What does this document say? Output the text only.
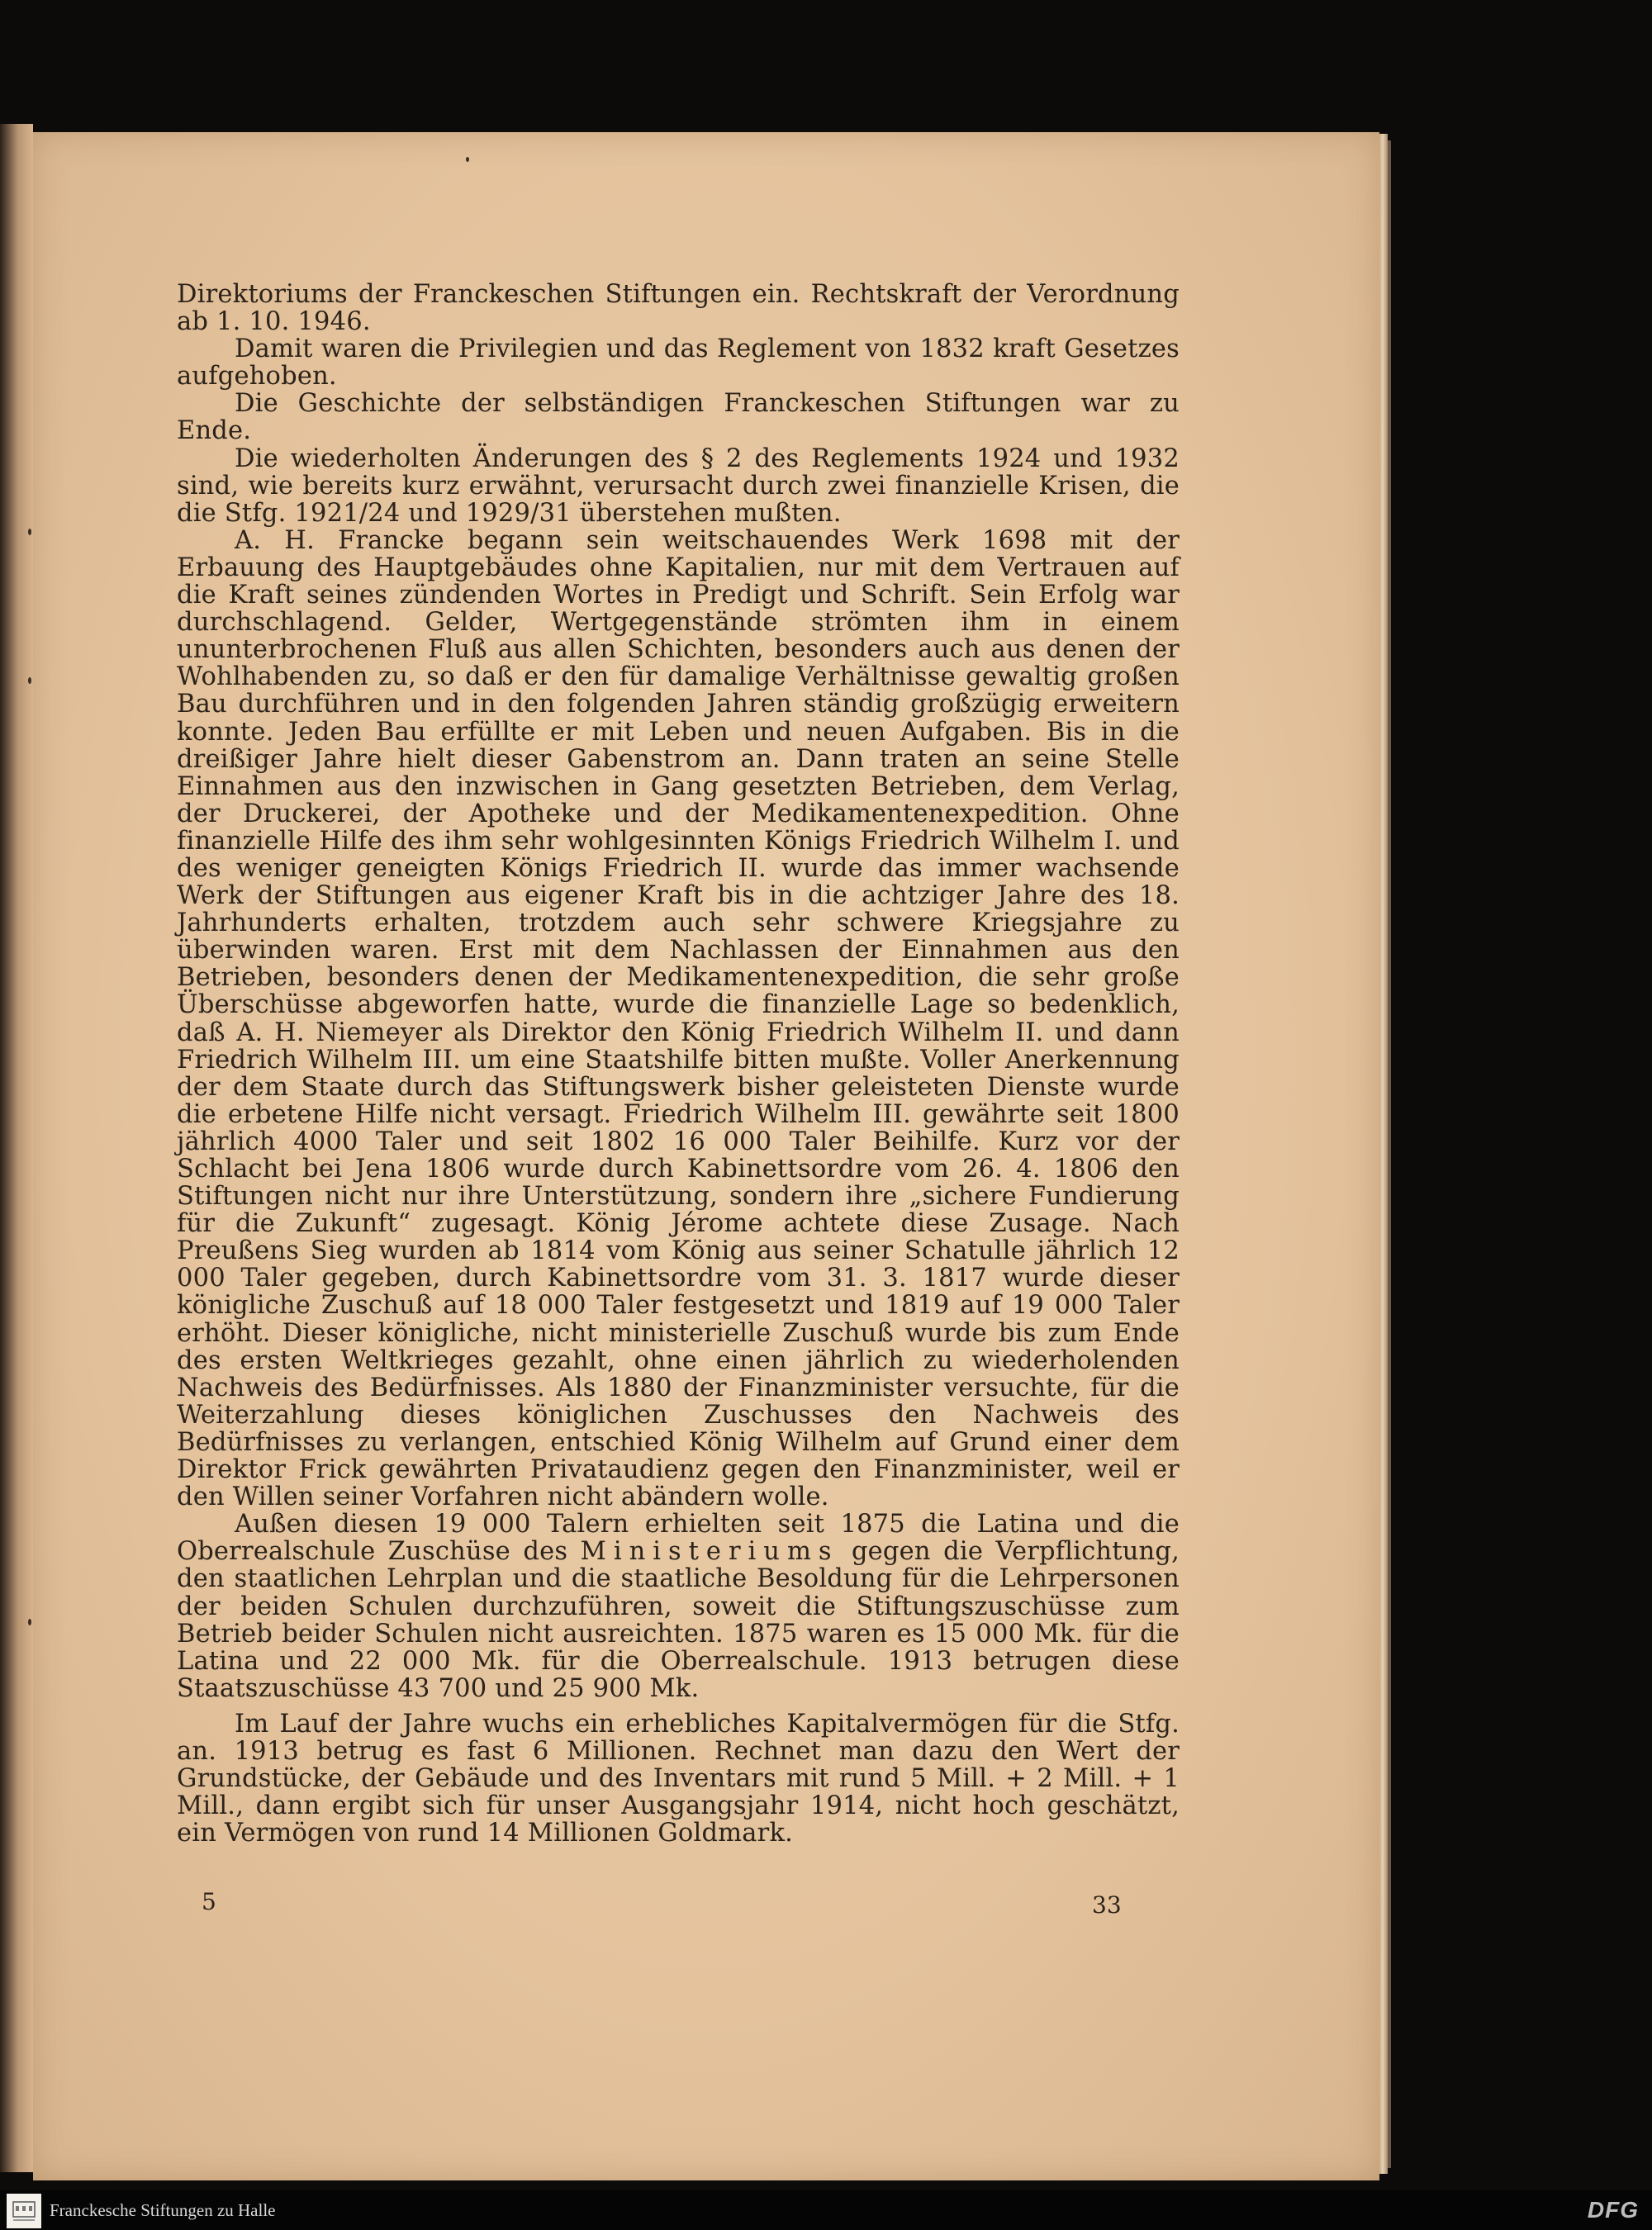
Direktoriums der Franckeschen Stiftungen ein. Rechtskraft der Verordnung ab 1. 10. 1946.

Damit waren die Privilegien und das Reglement von 1832 kraft Gesetzes aufgehoben.

Die Geschichte der selbständigen Franckeschen Stiftungen war zu Ende.

Die wiederholten Änderungen des § 2 des Reglements 1924 und 1932 sind, wie bereits kurz erwähnt, verursacht durch zwei finanzielle Krisen, die die Stfg. 1921/24 und 1929/31 überstehen mußten.

A. H. Francke begann sein weitschauendes Werk 1698 mit der Erbauung des Hauptgebäudes ohne Kapitalien, nur mit dem Vertrauen auf die Kraft seines zündenden Wortes in Predigt und Schrift. Sein Erfolg war durchschlagend. Gelder, Wertgegenstände strömten ihm in einem ununterbrochenen Fluß aus allen Schichten, besonders auch aus denen der Wohlhabenden zu, so daß er den für damalige Verhältnisse gewaltig großen Bau durchführen und in den folgenden Jahren ständig großzügig erweitern konnte. Jeden Bau erfüllte er mit Leben und neuen Aufgaben. Bis in die dreißiger Jahre hielt dieser Gabenstrom an. Dann traten an seine Stelle Einnahmen aus den inzwischen in Gang gesetzten Betrieben, dem Verlag, der Druckerei, der Apotheke und der Medikamentenexpedition. Ohne finanzielle Hilfe des ihm sehr wohlgesinnten Königs Friedrich Wilhelm I. und des weniger geneigten Königs Friedrich II. wurde das immer wachsende Werk der Stiftungen aus eigener Kraft bis in die achtziger Jahre des 18. Jahrhunderts erhalten, trotzdem auch sehr schwere Kriegsjahre zu überwinden waren. Erst mit dem Nachlassen der Einnahmen aus den Betrieben, besonders denen der Medikamentenexpedition, die sehr große Überschüsse abgeworfen hatte, wurde die finanzielle Lage so bedenklich, daß A. H. Niemeyer als Direktor den König Friedrich Wilhelm II. und dann Friedrich Wilhelm III. um eine Staatshilfe bitten mußte. Voller Anerkennung der dem Staate durch das Stiftungswerk bisher geleisteten Dienste wurde die erbetene Hilfe nicht versagt. Friedrich Wilhelm III. gewährte seit 1800 jährlich 4000 Taler und seit 1802 16 000 Taler Beihilfe. Kurz vor der Schlacht bei Jena 1806 wurde durch Kabinettsordre vom 26. 4. 1806 den Stiftungen nicht nur ihre Unterstützung, sondern ihre „sichere Fundierung für die Zukunft“ zugesagt. König Jérome achtete diese Zusage. Nach Preußens Sieg wurden ab 1814 vom König aus seiner Schatulle jährlich 12 000 Taler gegeben, durch Kabinettsordre vom 31. 3. 1817 wurde dieser königliche Zuschuß auf 18 000 Taler festgesetzt und 1819 auf 19 000 Taler erhöht. Dieser königliche, nicht ministerielle Zuschuß wurde bis zum Ende des ersten Weltkrieges gezahlt, ohne einen jährlich zu wiederholenden Nachweis des Bedürfnisses. Als 1880 der Finanzminister versuchte, für die Weiterzahlung dieses königlichen Zuschusses den Nachweis des Bedürfnisses zu verlangen, entschied König Wilhelm auf Grund einer dem Direktor Frick gewährten Privataudienz gegen den Finanzminister, weil er den Willen seiner Vorfahren nicht abändern wolle.

Außen diesen 19 000 Talern erhielten seit 1875 die Latina und die Oberrealschule Zuschüse des Ministeriums gegen die Verpflichtung, den staatlichen Lehrplan und die staatliche Besoldung für die Lehrpersonen der beiden Schulen durchzuführen, soweit die Stiftungszuschüsse zum Betrieb beider Schulen nicht ausreichten. 1875 waren es 15 000 Mk. für die Latina und 22 000 Mk. für die Oberrealschule. 1913 betrugen diese Staatszuschüsse 43 700 und 25 900 Mk.

Im Lauf der Jahre wuchs ein erhebliches Kapitalvermögen für die Stfg. an. 1913 betrug es fast 6 Millionen. Rechnet man dazu den Wert der Grundstücke, der Gebäude und des Inventars mit rund 5 Mill. + 2 Mill. + 1 Mill., dann ergibt sich für unser Ausgangsjahr 1914, nicht hoch geschätzt, ein Vermögen von rund 14 Millionen Goldmark.

5	33
Franckesche Stiftungen zu Halle	DFG
